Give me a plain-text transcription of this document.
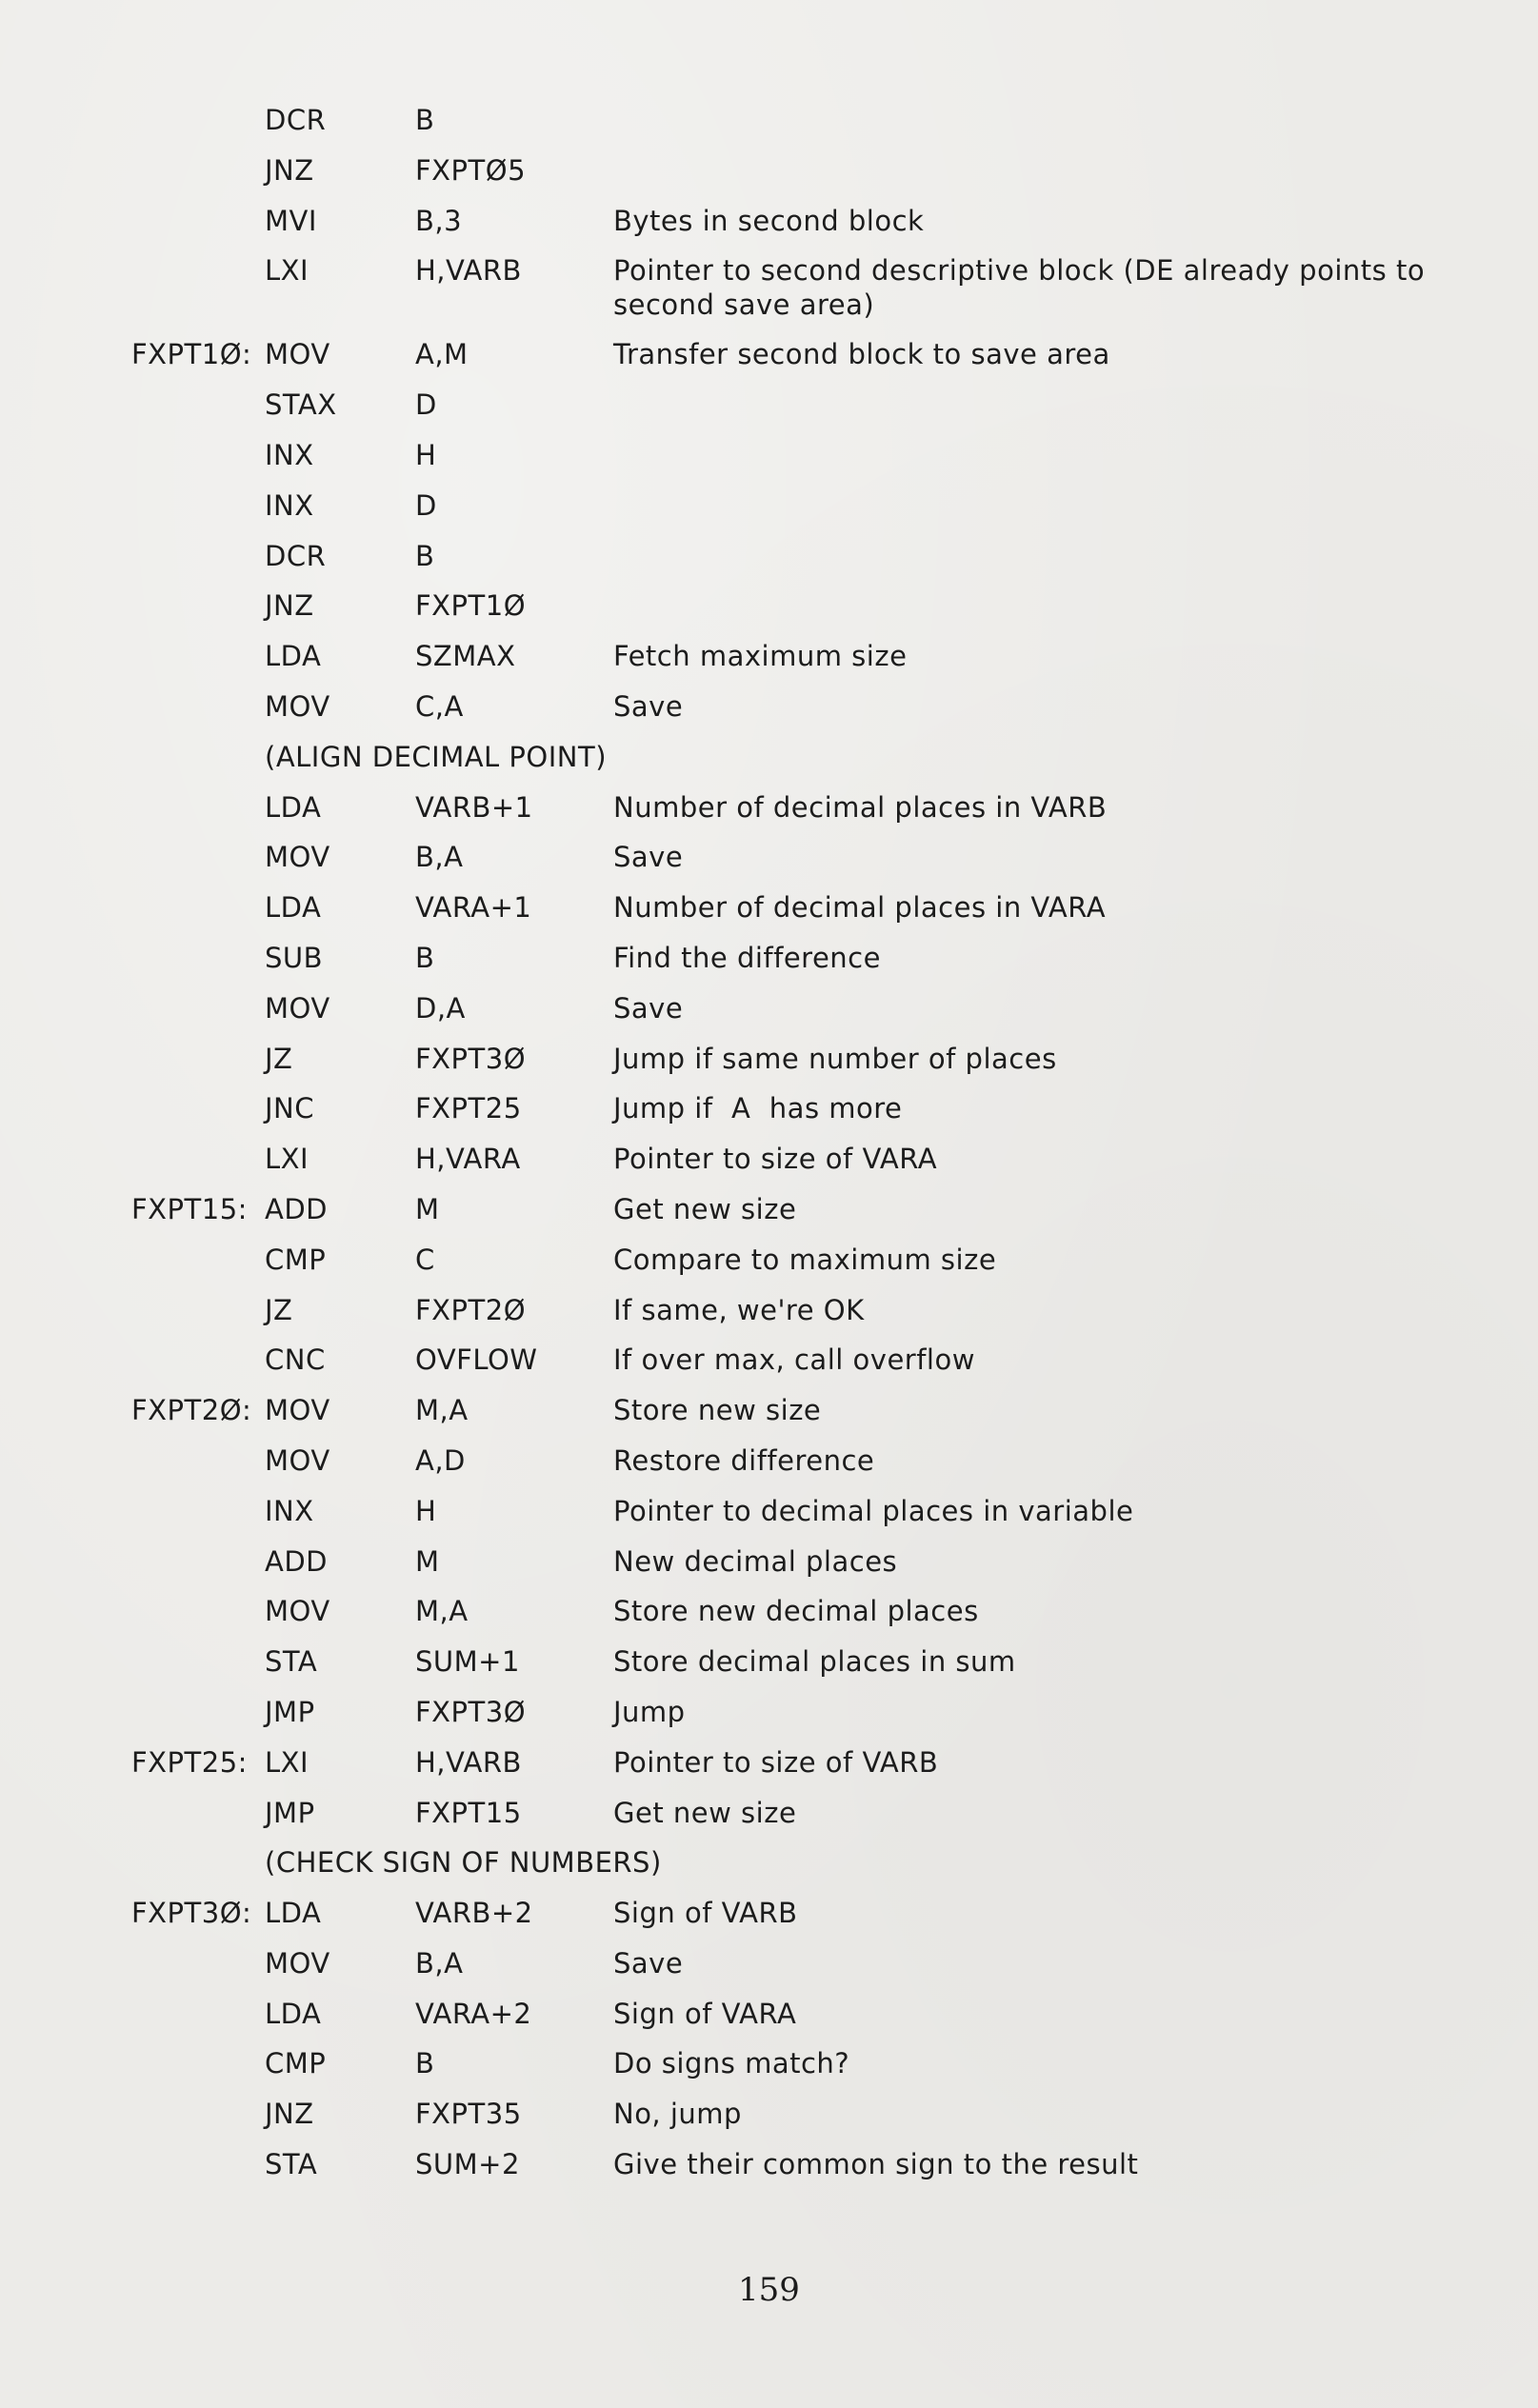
DCR	B
JNZ	FXPTØ5
MVI	B,3	Bytes in second block
LXI	H,VARB	Pointer to second descriptive block (DE already points to second save area)
FXPT1Ø: MOV	A,M	Transfer second block to save area
STAX	D
INX	H
INX	D
DCR	B
JNZ	FXPT1Ø
LDA	SZMAX	Fetch maximum size
MOV	C,A	Save
(ALIGN DECIMAL POINT)
LDA	VARB+1	Number of decimal places in VARB
MOV	B,A	Save
LDA	VARA+1	Number of decimal places in VARA
SUB	B	Find the difference
MOV	D,A	Save
JZ	FXPT3Ø	Jump if same number of places
JNC	FXPT25	Jump if  A  has more
LXI	H,VARA	Pointer to size of VARA
FXPT15: ADD	M	Get new size
CMP	C	Compare to maximum size
JZ	FXPT2Ø	If same, we're OK
CNC	OVFLOW	If over max, call overflow
FXPT2Ø: MOV	M,A	Store new size
MOV	A,D	Restore difference
INX	H	Pointer to decimal places in variable
ADD	M	New decimal places
MOV	M,A	Store new decimal places
STA	SUM+1	Store decimal places in sum
JMP	FXPT3Ø	Jump
FXPT25: LXI	H,VARB	Pointer to size of VARB
JMP	FXPT15	Get new size
(CHECK SIGN OF NUMBERS)
FXPT3Ø: LDA	VARB+2	Sign of VARB
MOV	B,A	Save
LDA	VARA+2	Sign of VARA
CMP	B	Do signs match?
JNZ	FXPT35	No, jump
STA	SUM+2	Give their common sign to the result
159
